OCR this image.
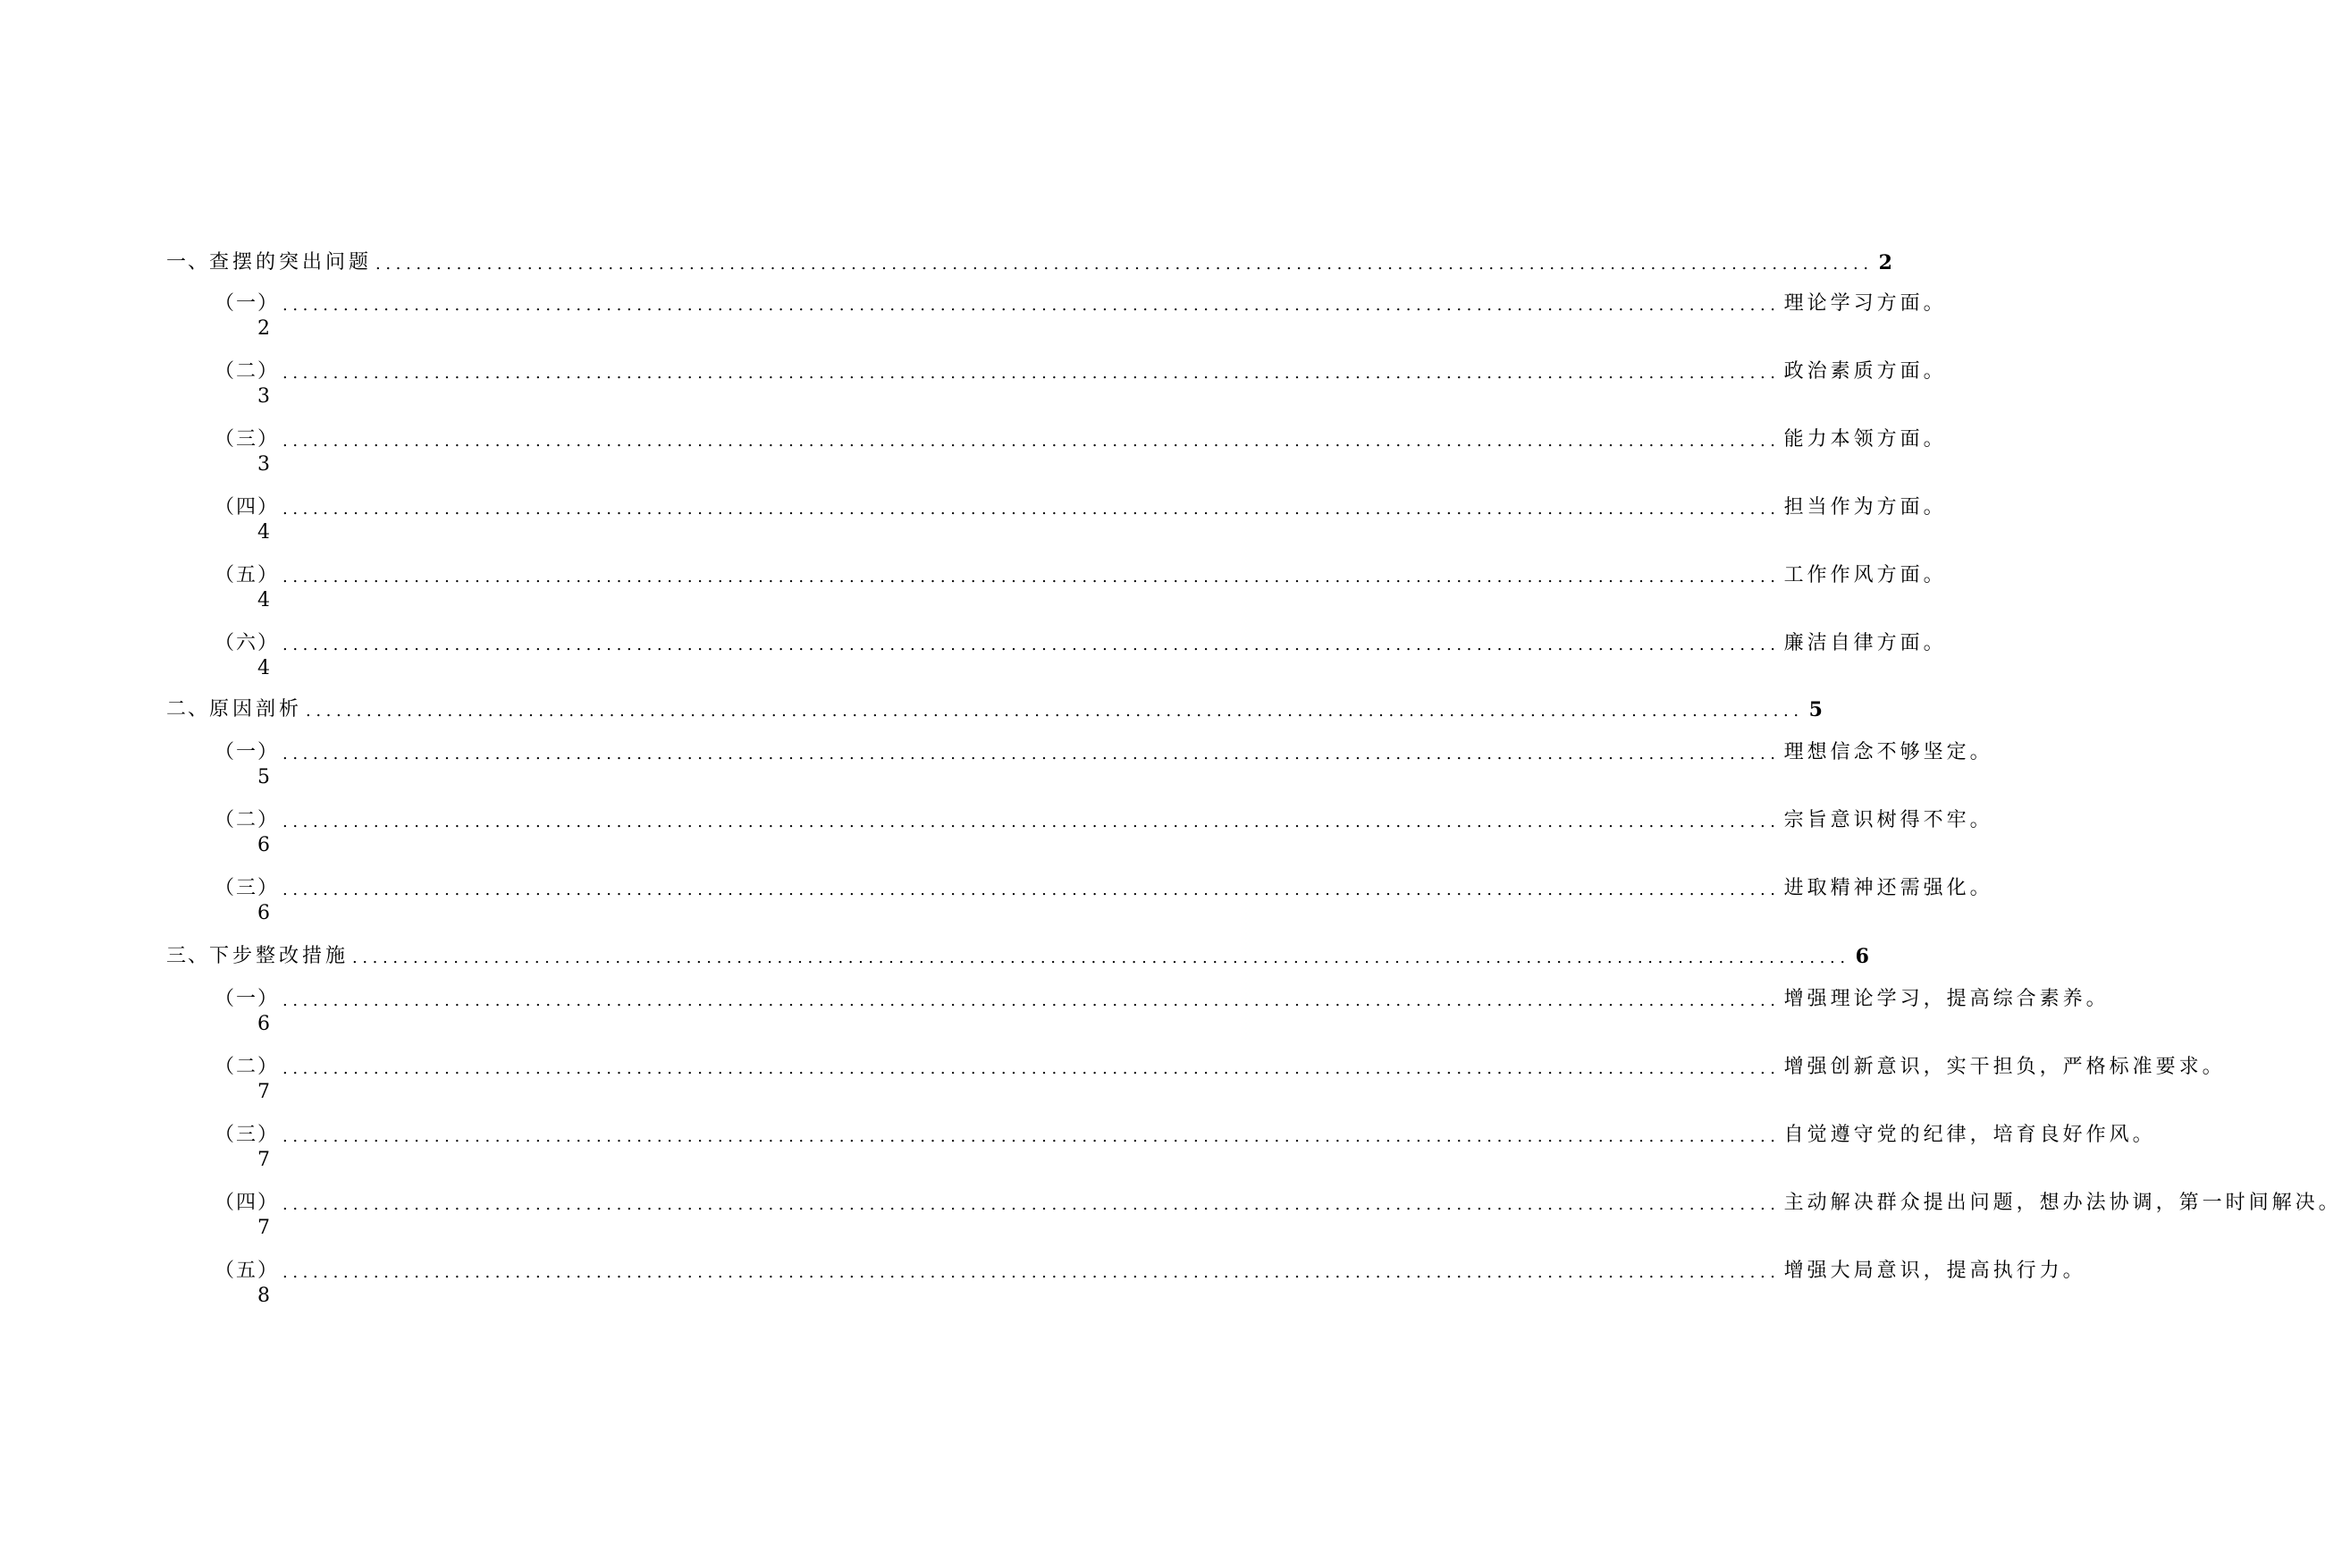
一、 查摆的突出问题 .................................................................................................................................................... 2
（一） .................................................................................................................................................... 理论学习方面。
2
（二） .................................................................................................................................................... 政治素质方面。
3
（三） .................................................................................................................................................... 能力本领方面。
3
（四） .................................................................................................................................................... 担当作为方面。
4
（五） .................................................................................................................................................... 工作作风方面。
4
（六） .................................................................................................................................................... 廉洁自律方面。
4
二、 原因剖析 .................................................................................................................................................... 5
（一） .................................................................................................................................................... 理想信念不够坚定。
5
（二） .................................................................................................................................................... 宗旨意识树得不牢。
6
（三） .................................................................................................................................................... 进取精神还需强化。
6
三、 下步整改措施 .................................................................................................................................................... 6
（一） .................................................................................................................................................... 增强理论学习，提高综合素养。
6
（二） .................................................................................................................................................... 增强创新意识，实干担负，严格标准要求。
7
（三） .................................................................................................................................................... 自觉遵守党的纪律，培育良好作风。
7
（四） .................................................................................................................................................... 主动解决群众提出问题，想办法协调，第一时间解决。
7
（五） .................................................................................................................................................... 增强大局意识，提高执行力。
8
